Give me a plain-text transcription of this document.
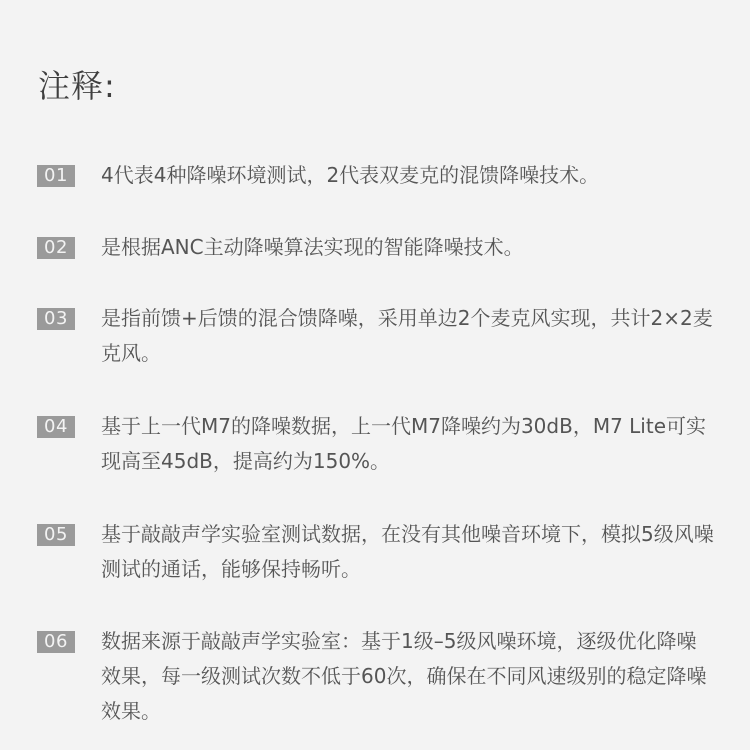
注释:
01	4代表4种降噪环境测试，2代表双麦克的混馈降噪技术。
02	是根据ANC主动降噪算法实现的智能降噪技术。
03	是指前馈+后馈的混合馈降噪，采用单边2个麦克风实现，共计2×2麦克风。
04	基于上一代M7的降噪数据，上一代M7降噪约为30dB，M7 Lite可实现高至45dB，提高约为150%。
05	基于敲敲声学实验室测试数据，在没有其他噪音环境下，模拟5级风噪测试的通话，能够保持畅听。
06	数据来源于敲敲声学实验室：基于1级–5级风噪环境，逐级优化降噪效果，每一级测试次数不低于60次，确保在不同风速级别的稳定降噪效果。
